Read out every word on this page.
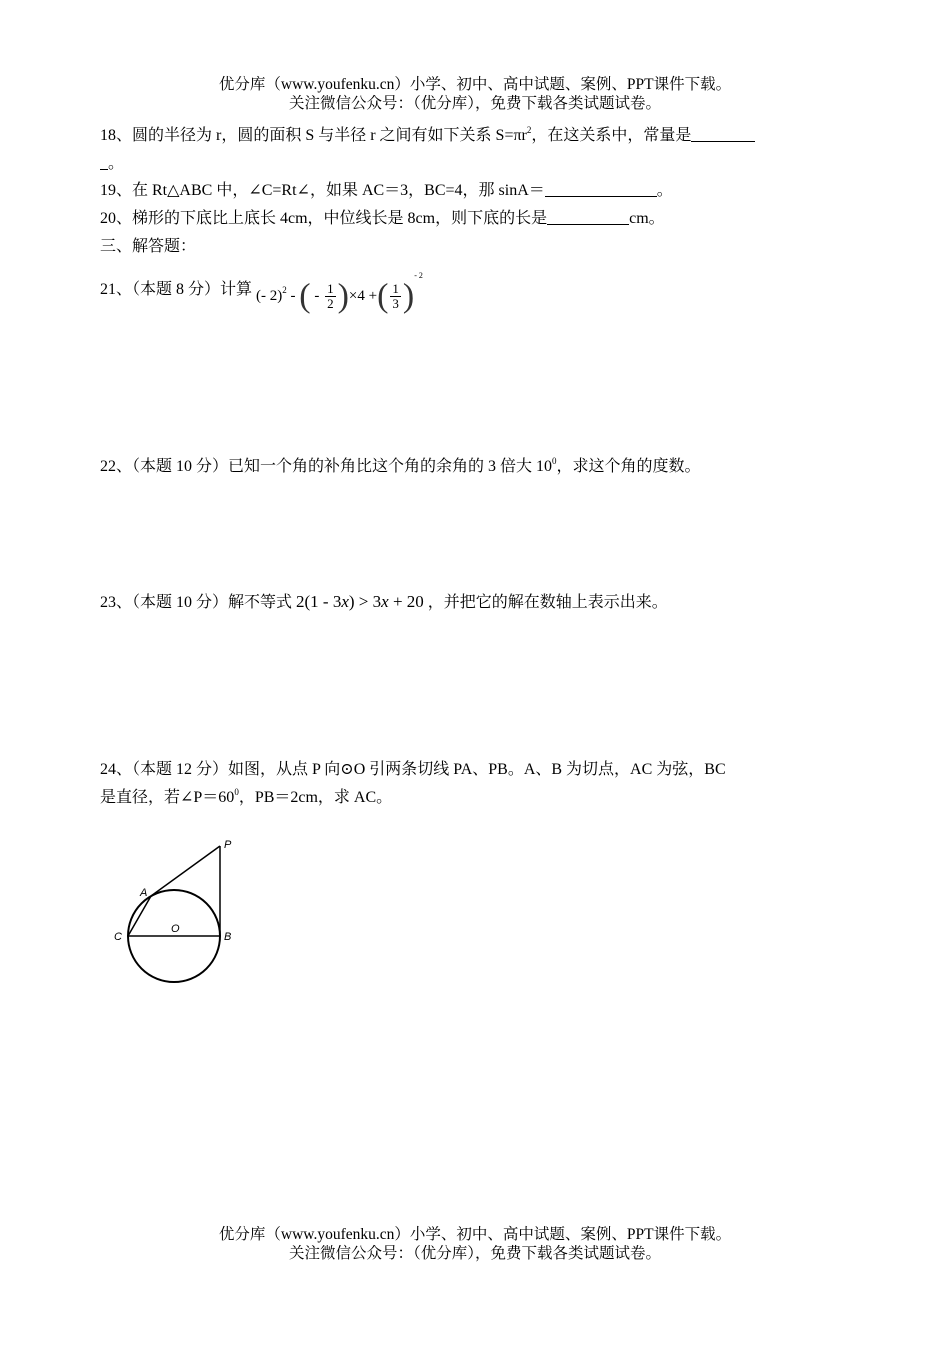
优分库（www.youfenku.cn）小学、初中、高中试题、案例、PPT课件下载。
关注微信公众号：（优分库），免费下载各类试题试卷。
18、圆的半径为 r，圆的面积 S 与半径 r 之间有如下关系 $S=\pi r^2$，在这关系中，常量是
。
19、在 Rt△ABC 中，∠C=Rt∠，如果 AC＝3，BC=4，那 sinA＝	。
20、梯形的下底比上底长 4cm，中位线长是 8cm，则下底的长是	cm。
三、解答题：
21、（本题 8 分）计算 (- 2)$^2$ - ( - $\frac{1}{2} )\times 4$ +( $\frac{1}{3} )^{- 2}$
22、（本题 10 分）已知一个角的补角比这个角的余角的 3 倍大 $10^0$，求这个角的度数。
23、（本题 10 分）解不等式 2(1 - 3x) > 3x + 20 ，并把它的解在数轴上表示出来。
24、（本题 12 分）如图，从点 P 向⊙O 引两条切线 PA、PB。A、B 为切点，AC 为弦，BC
是直径，若$\angle P=60^0$，PB＝2cm，求 AC。
P
A
C
O
B
优分库（www.youfenku.cn）小学、初中、高中试题、案例、PPT课件下载。
关注微信公众号：（优分库），免费下载各类试题试卷。
